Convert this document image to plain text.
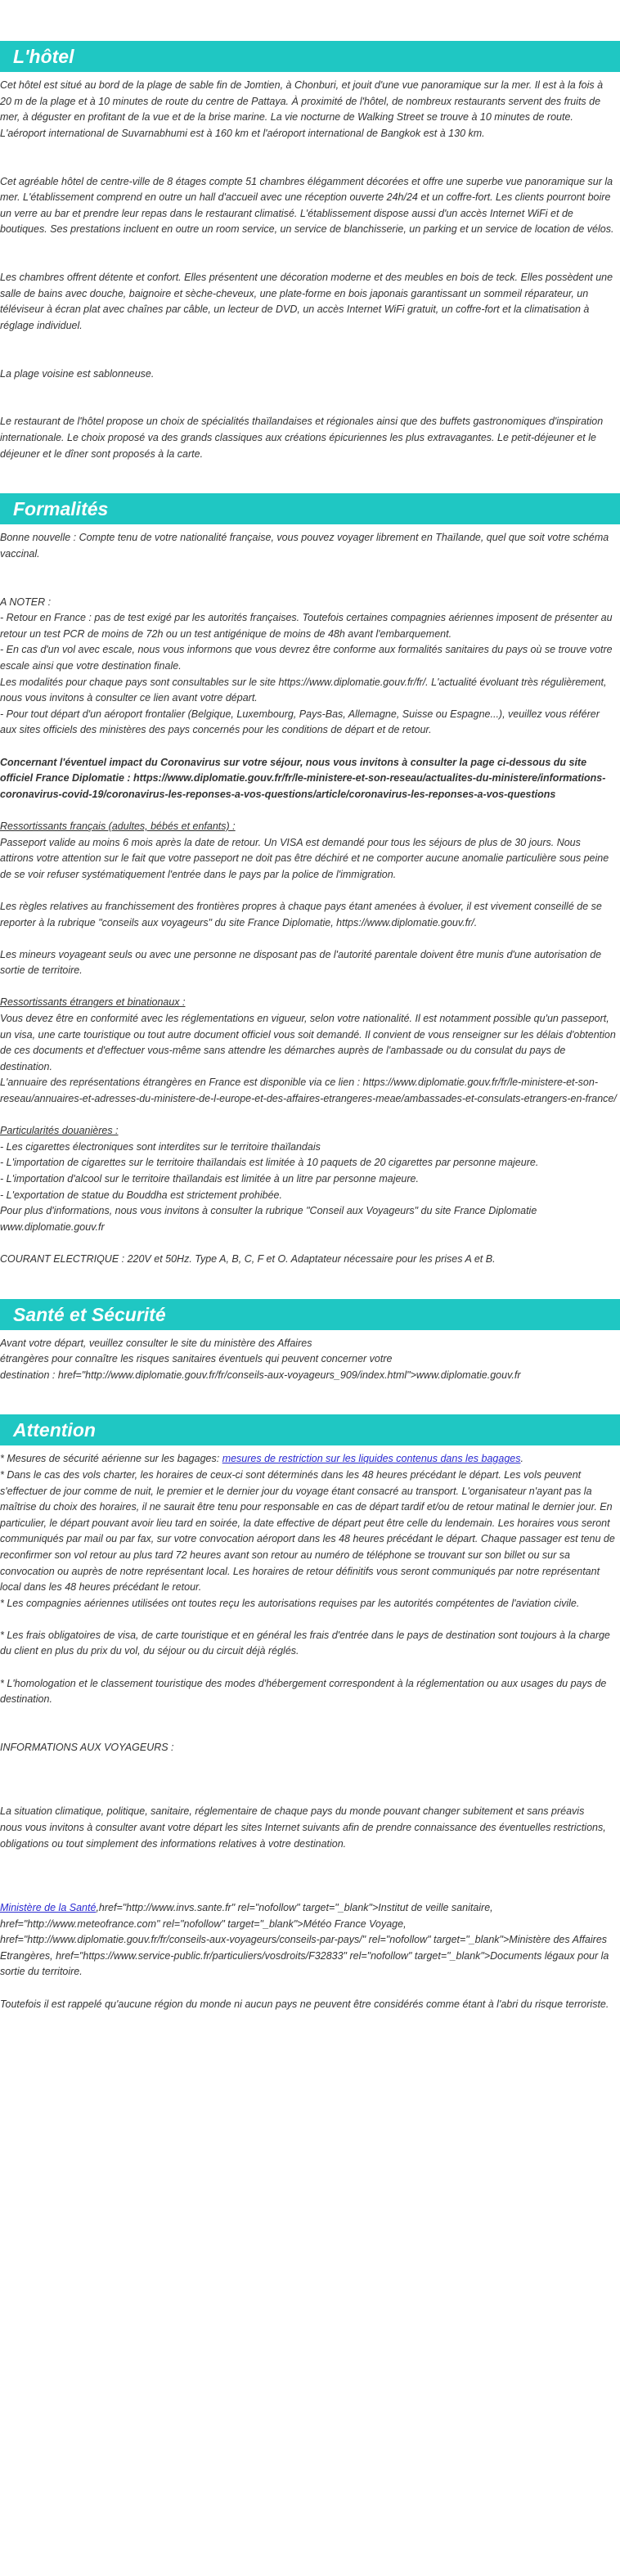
L'hôtel

Cet hôtel est situé au bord de la plage de sable fin de Jomtien, à Chonburi, et jouit d'une vue panoramique sur la mer. Il est à la fois à 20 m de la plage et à 10 minutes de route du centre de Pattaya. À proximité de l'hôtel, de nombreux restaurants servent des fruits de mer, à déguster en profitant de la vue et de la brise marine. La vie nocturne de Walking Street se trouve à 10 minutes de route. L'aéroport international de Suvarnabhumi est à 160 km et l'aéroport international de Bangkok est à 130 km.

Cet agréable hôtel de centre-ville de 8 étages compte 51 chambres élégamment décorées et offre une superbe vue panoramique sur la mer. L'établissement comprend en outre un hall d'accueil avec une réception ouverte 24h/24 et un coffre-fort. Les clients pourront boire un verre au bar et prendre leur repas dans le restaurant climatisé. L'établissement dispose aussi d'un accès Internet WiFi et de boutiques. Ses prestations incluent en outre un room service, un service de blanchisserie, un parking et un service de location de vélos.

Les chambres offrent détente et confort. Elles présentent une décoration moderne et des meubles en bois de teck. Elles possèdent une salle de bains avec douche, baignoire et sèche-cheveux, une plate-forme en bois japonais garantissant un sommeil réparateur, un téléviseur à écran plat avec chaînes par câble, un lecteur de DVD, un accès Internet WiFi gratuit, un coffre-fort et la climatisation à réglage individuel.

La plage voisine est sablonneuse.

Le restaurant de l'hôtel propose un choix de spécialités thaïlandaises et régionales ainsi que des buffets gastronomiques d'inspiration internationale. Le choix proposé va des grands classiques aux créations épicuriennes les plus extravagantes. Le petit-déjeuner et le déjeuner et le dîner sont proposés à la carte.

Formalités

Bonne nouvelle : Compte tenu de votre nationalité française, vous pouvez voyager librement en Thaïlande, quel que soit votre schéma vaccinal.

A NOTER :

- Retour en France : pas de test exigé par les autorités françaises. Toutefois certaines compagnies aériennes imposent de présenter au retour un test PCR de moins de 72h ou un test antigénique de moins de 48h avant l'embarquement.

- En cas d'un vol avec escale, nous vous informons que vous devrez être conforme aux formalités sanitaires du pays où se trouve votre escale ainsi que votre destination finale.

Les modalités pour chaque pays sont consultables sur le site https://www.diplomatie.gouv.fr/fr/. L'actualité évoluant très régulièrement, nous vous invitons à consulter ce lien avant votre départ.

- Pour tout départ d'un aéroport frontalier (Belgique, Luxembourg, Pays-Bas, Allemagne, Suisse ou Espagne...), veuillez vous référer aux sites officiels des ministères des pays concernés pour les conditions de départ et de retour.

Concernant l'éventuel impact du Coronavirus sur votre séjour, nous vous invitons à consulter la page ci-dessous du site officiel France Diplomatie : https://www.diplomatie.gouv.fr/fr/le-ministere-et-son-reseau/actualites-du-ministere/informations-coronavirus-covid-19/coronavirus-les-reponses-a-vos-questions/article/coronavirus-les-reponses-a-vos-questions

Ressortissants français (adultes, bébés et enfants) :

Passeport valide au moins 6 mois après la date de retour. Un VISA est demandé pour tous les séjours de plus de 30 jours. Nous attirons votre attention sur le fait que votre passeport ne doit pas être déchiré et ne comporter aucune anomalie particulière sous peine de se voir refuser systématiquement l'entrée dans le pays par la police de l'immigration.

Les règles relatives au franchissement des frontières propres à chaque pays étant amenées à évoluer, il est vivement conseillé de se reporter à la rubrique "conseils aux voyageurs" du site France Diplomatie, https://www.diplomatie.gouv.fr/.

Les mineurs voyageant seuls ou avec une personne ne disposant pas de l'autorité parentale doivent être munis d'une autorisation de sortie de territoire.

Ressortissants étrangers et binationaux :

Vous devez être en conformité avec les réglementations en vigueur, selon votre nationalité. Il est notamment possible qu'un passeport, un visa, une carte touristique ou tout autre document officiel vous soit demandé. Il convient de vous renseigner sur les délais d'obtention de ces documents et d'effectuer vous-même sans attendre les démarches auprès de l'ambassade ou du consulat du pays de destination.

L'annuaire des représentations étrangères en France est disponible via ce lien : https://www.diplomatie.gouv.fr/fr/le-ministere-et-son-reseau/annuaires-et-adresses-du-ministere-de-l-europe-et-des-affaires-etrangeres-meae/ambassades-et-consulats-etrangers-en-france/

Particularités douanières :

- Les cigarettes électroniques sont interdites sur le territoire thaïlandais

- L'importation de cigarettes sur le territoire thaïlandais est limitée à 10 paquets de 20 cigarettes par personne majeure.

- L'importation d'alcool sur le territoire thaïlandais est limitée à un litre par personne majeure.

- L'exportation de statue du Bouddha est strictement prohibée.

Pour plus d'informations, nous vous invitons à consulter la rubrique "Conseil aux Voyageurs" du site France Diplomatie www.diplomatie.gouv.fr

COURANT ELECTRIQUE : 220V et 50Hz. Type A, B, C, F et O. Adaptateur nécessaire pour les prises A et B.

Santé et Sécurité

Avant votre départ, veuillez consulter le site du ministère des Affaires

étrangères pour connaître les risques sanitaires éventuels qui peuvent concerner votre

destination : href="http://www.diplomatie.gouv.fr/fr/conseils-aux-voyageurs_909/index.html">www.diplomatie.gouv.fr

Attention

* Mesures de sécurité aérienne sur les bagages: mesures de restriction sur les liquides contenus dans les bagages.

* Dans le cas des vols charter, les horaires de ceux-ci sont déterminés dans les 48 heures précédant le départ. Les vols peuvent s'effectuer de jour comme de nuit, le premier et le dernier jour du voyage étant consacré au transport. L'organisateur n'ayant pas la maîtrise du choix des horaires, il ne saurait être tenu pour responsable en cas de départ tardif et/ou de retour matinal le dernier jour. En particulier, le départ pouvant avoir lieu tard en soirée, la date effective de départ peut être celle du lendemain. Les horaires vous seront communiqués par mail ou par fax, sur votre convocation aéroport dans les 48 heures précédant le départ. Chaque passager est tenu de reconfirmer son vol retour au plus tard 72 heures avant son retour au numéro de téléphone se trouvant sur son billet ou sur sa convocation ou auprès de notre représentant local. Les horaires de retour définitifs vous seront communiqués par notre représentant local dans les 48 heures précédant le retour.

* Les compagnies aériennes utilisées ont toutes reçu les autorisations requises par les autorités compétentes de l'aviation civile.

* Les frais obligatoires de visa, de carte touristique et en général les frais d'entrée dans le pays de destination sont toujours à la charge du client en plus du prix du vol, du séjour ou du circuit déjà réglés.

* L'homologation et le classement touristique des modes d'hébergement correspondent à la réglementation ou aux usages du pays de destination.

INFORMATIONS AUX VOYAGEURS :

La situation climatique, politique, sanitaire, réglementaire de chaque pays du monde pouvant changer subitement et sans préavis
nous vous invitons à consulter avant votre départ les sites Internet suivants afin de prendre connaissance des éventuelles restrictions, obligations ou tout simplement des informations relatives à votre destination.

Ministère de la Santé,href="http://www.invs.sante.fr" rel="nofollow" target="_blank">Institut de veille sanitaire, href="http://www.meteofrance.com" rel="nofollow" target="_blank">Météo France Voyage, href="http://www.diplomatie.gouv.fr/fr/conseils-aux-voyageurs/conseils-par-pays/" rel="nofollow" target="_blank">Ministère des Affaires Etrangères, href="https://www.service-public.fr/particuliers/vosdroits/F32833" rel="nofollow" target="_blank">Documents légaux pour la sortie du territoire.

Toutefois il est rappelé qu'aucune région du monde ni aucun pays ne peuvent être considérés comme étant à l'abri du risque terroriste.
